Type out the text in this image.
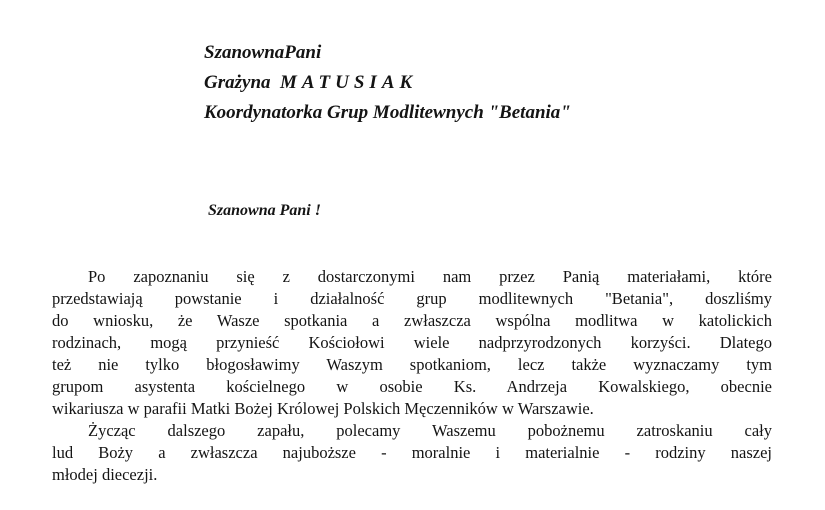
SzanownaPani
Grażyna MATUSIAK
Koordynatorka Grup Modlitewnych "Betania"
Szanowna Pani !
Po zapoznaniu się z dostarczonymi nam przez Panią materiałami, które
przedstawiają powstanie i działalność grup modlitewnych "Betania", doszliśmy
do wniosku, że Wasze spotkania a zwłaszcza wspólna modlitwa w katolickich
rodzinach, mogą przynieść Kościołowi wiele nadprzyrodzonych korzyści. Dlatego
też nie tylko błogosławimy Waszym spotkaniom, lecz także wyznaczamy tym
grupom asystenta kościelnego w osobie Ks. Andrzeja Kowalskiego, obecnie
wikariusza w parafii Matki Bożej Królowej Polskich Męczenników w Warszawie.
Życząc dalszego zapału, polecamy Waszemu pobożnemu zatroskaniu cały
lud Boży a zwłaszcza najuboższe - moralnie i materialnie - rodziny naszej
młodej diecezji.
